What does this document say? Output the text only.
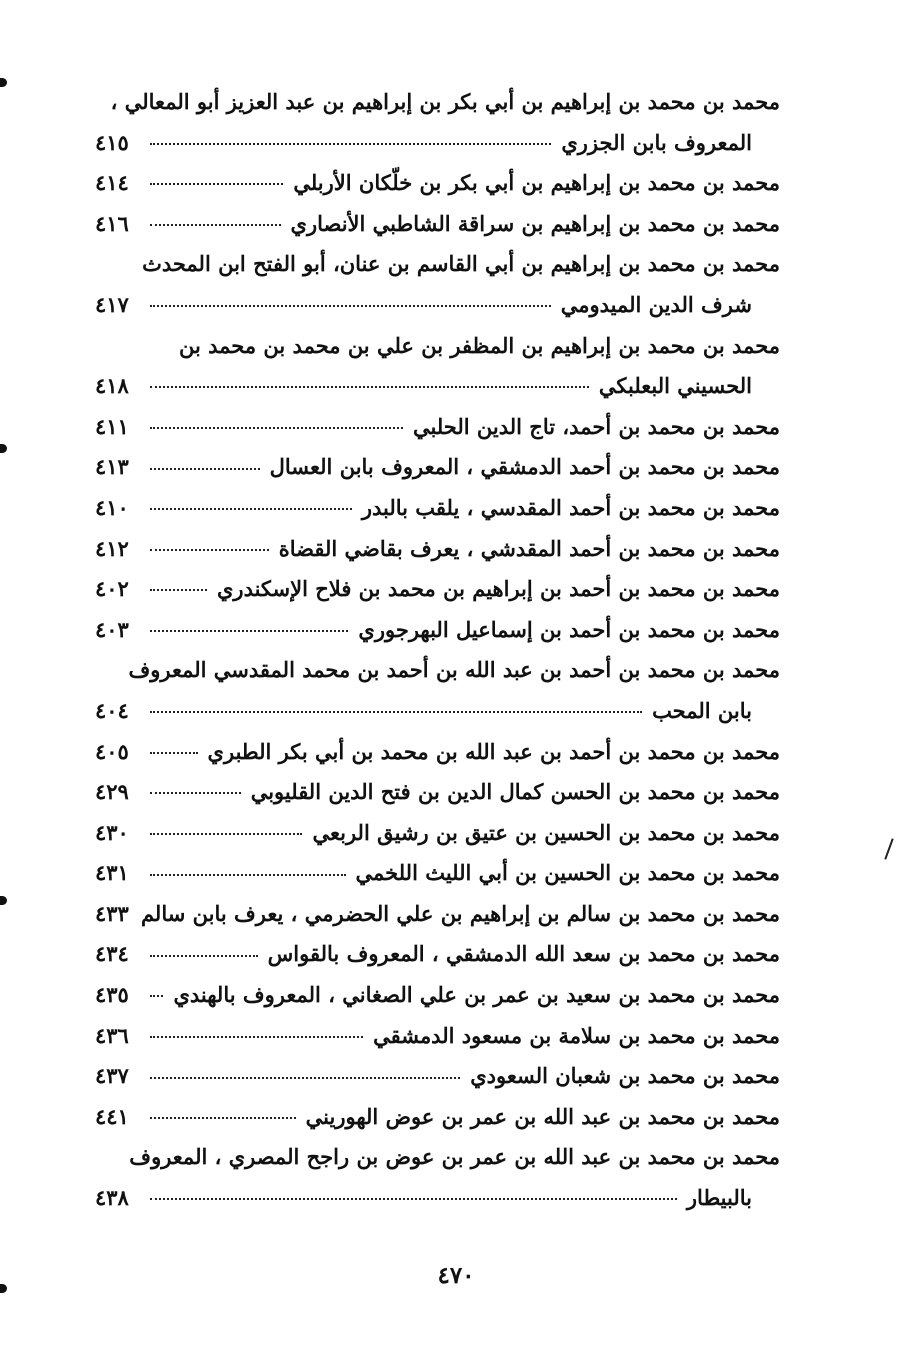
محمد بن محمد بن إبراهيم بن أبي بكر بن إبراهيم بن عبد العزيز أبو المعالي ،
المعروف بابن الجزري
٤١٥
محمد بن محمد بن إبراهيم بن أبي بكر بن خلّكان الأربلي
٤١٤
محمد بن محمد بن إبراهيم بن سراقة الشاطبي الأنصاري
٤١٦
محمد بن محمد بن إبراهيم بن أبي القاسم بن عنان، أبو الفتح ابن المحدث
شرف الدين الميدومي
٤١٧
محمد بن محمد بن إبراهيم بن المظفر بن علي بن محمد بن محمد بن
الحسيني البعلبكي
٤١٨
محمد بن محمد بن أحمد، تاج الدين الحلبي
٤١١
محمد بن محمد بن أحمد الدمشقي ، المعروف بابن العسال
٤١٣
محمد بن محمد بن أحمد المقدسي ، يلقب بالبدر
٤١٠
محمد بن محمد بن أحمد المقدشي ، يعرف بقاضي القضاة
٤١٢
محمد بن محمد بن أحمد بن إبراهيم بن محمد بن فلاح الإسكندري
٤٠٢
محمد بن محمد بن أحمد بن إسماعيل البهرجوري
٤٠٣
محمد بن محمد بن أحمد بن عبد الله بن أحمد بن محمد المقدسي المعروف
بابن المحب
٤٠٤
محمد بن محمد بن أحمد بن عبد الله بن محمد بن أبي بكر الطبري
٤٠٥
محمد بن محمد بن الحسن كمال الدين بن فتح الدين القليوبي
٤٢٩
محمد بن محمد بن الحسين بن عتيق بن رشيق الربعي
٤٣٠
محمد بن محمد بن الحسين بن أبي الليث اللخمي
٤٣١
محمد بن محمد بن سالم بن إبراهيم بن علي الحضرمي ، يعرف بابن سالم
٤٣٣
محمد بن محمد بن سعد الله الدمشقي ، المعروف بالقواس
٤٣٤
محمد بن محمد بن سعيد بن عمر بن علي الصغاني ، المعروف بالهندي
٤٣٥
محمد بن محمد بن سلامة بن مسعود الدمشقي
٤٣٦
محمد بن محمد بن شعبان السعودي
٤٣٧
محمد بن محمد بن عبد الله بن عمر بن عوض الهوريني
٤٤١
محمد بن محمد بن عبد الله بن عمر بن عوض بن راجح المصري ، المعروف
بالبيطار
٤٣٨
٤٧٠
